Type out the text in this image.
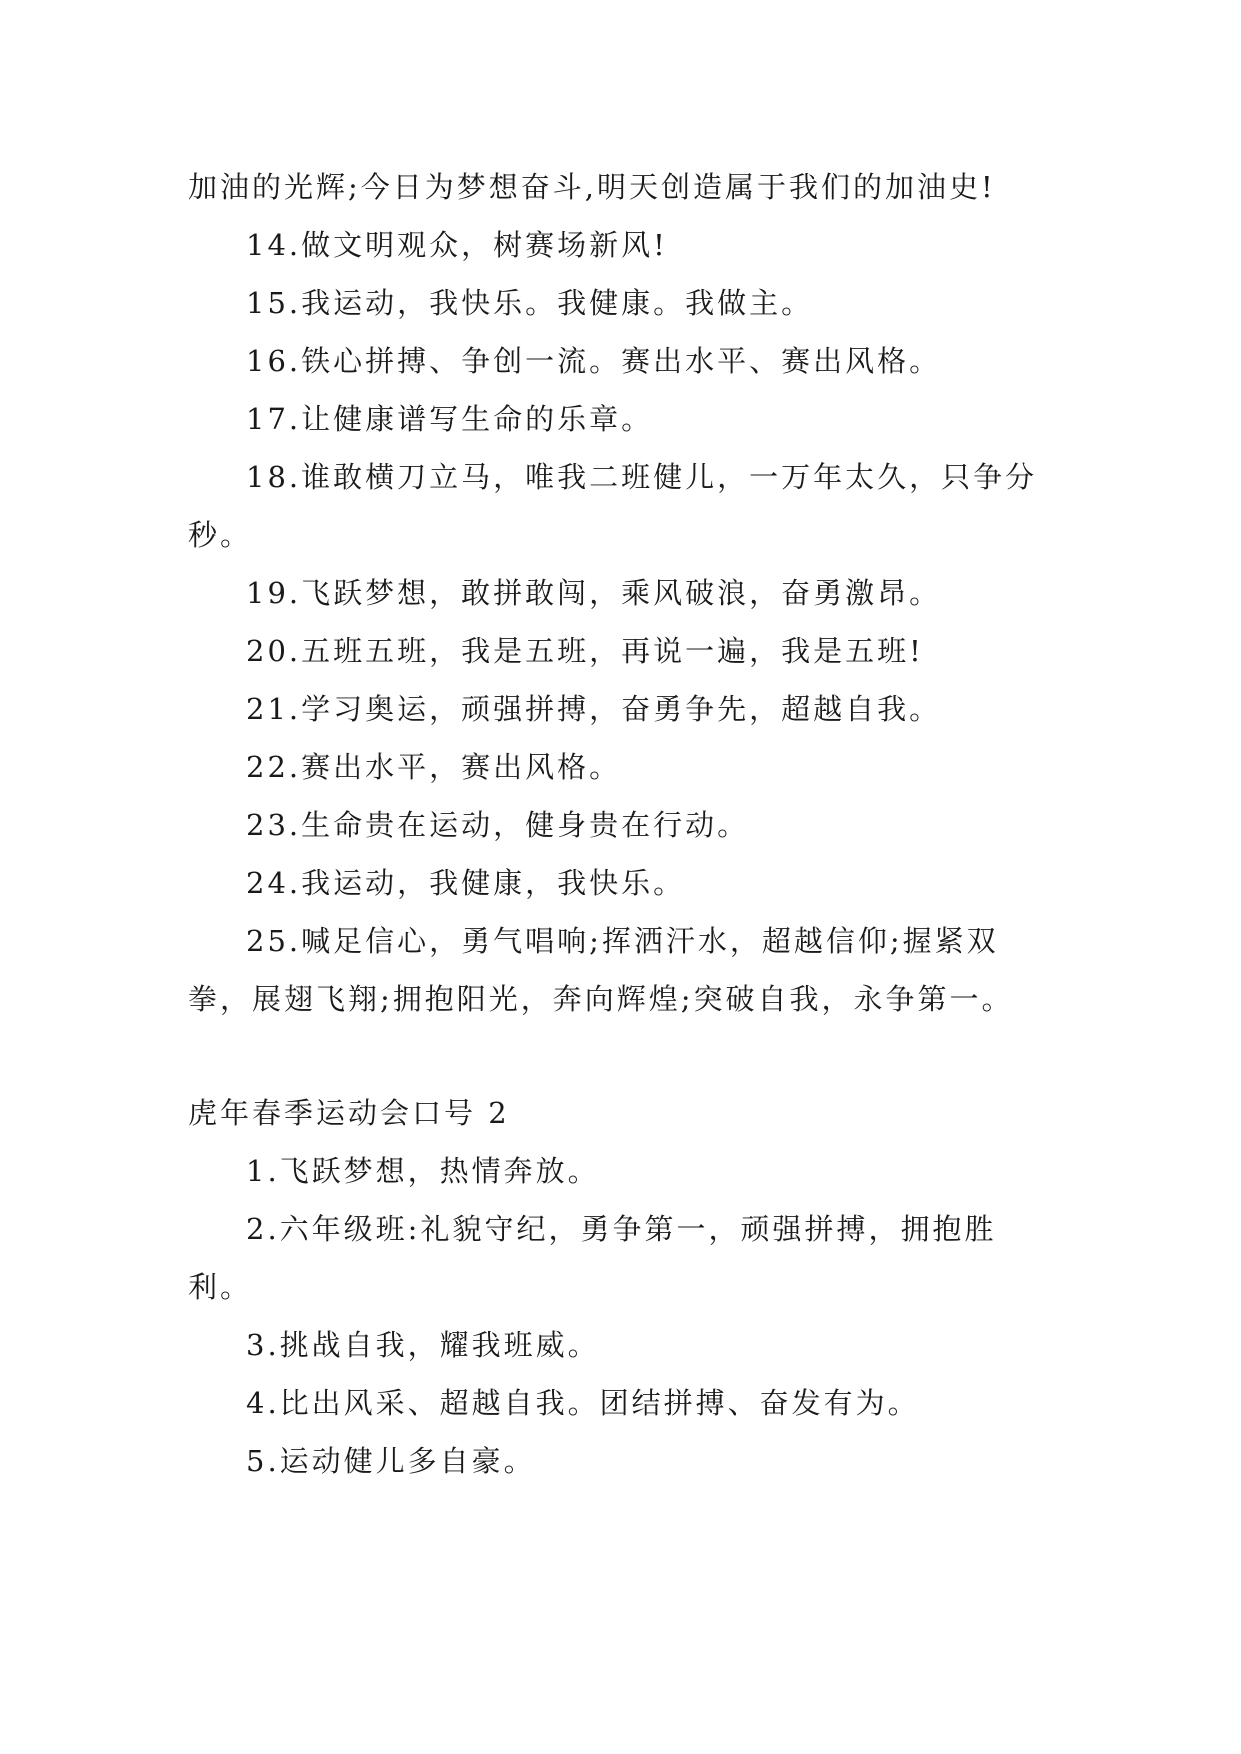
加油的光辉;今日为梦想奋斗,明天创造属于我们的加油史!

14.做文明观众，树赛场新风!

15.我运动，我快乐。我健康。我做主。

16.铁心拼搏、争创一流。赛出水平、赛出风格。

17.让健康谱写生命的乐章。

18.谁敢横刀立马，唯我二班健儿，一万年太久，只争分秒。

19.飞跃梦想，敢拼敢闯，乘风破浪，奋勇激昂。

20.五班五班，我是五班，再说一遍，我是五班!

21.学习奥运，顽强拼搏，奋勇争先，超越自我。

22.赛出水平，赛出风格。

23.生命贵在运动，健身贵在行动。

24.我运动，我健康，我快乐。

25.喊足信心，勇气唱响;挥洒汗水，超越信仰;握紧双拳，展翅飞翔;拥抱阳光，奔向辉煌;突破自我，永争第一。

虎年春季运动会口号 2

1.飞跃梦想，热情奔放。

2.六年级班:礼貌守纪，勇争第一，顽强拼搏，拥抱胜利。

3.挑战自我，耀我班威。

4.比出风采、超越自我。团结拼搏、奋发有为。

5.运动健儿多自豪。
